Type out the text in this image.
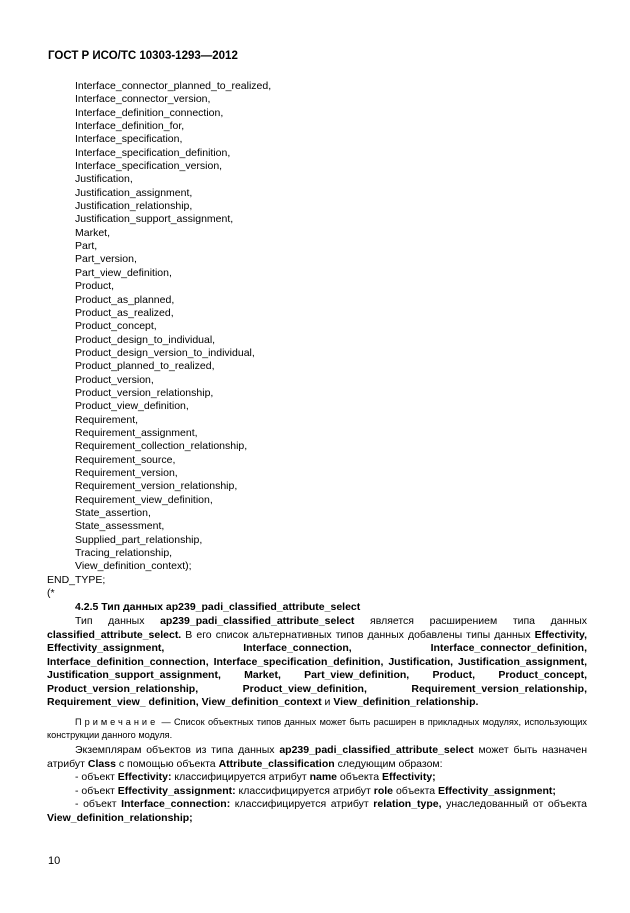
ГОСТ Р ИСО/ТС 10303-1293—2012
Interface_connector_planned_to_realized,
Interface_connector_version,
Interface_definition_connection,
Interface_definition_for,
Interface_specification,
Interface_specification_definition,
Interface_specification_version,
Justification,
Justification_assignment,
Justification_relationship,
Justification_support_assignment,
Market,
Part,
Part_version,
Part_view_definition,
Product,
Product_as_planned,
Product_as_realized,
Product_concept,
Product_design_to_individual,
Product_design_version_to_individual,
Product_planned_to_realized,
Product_version,
Product_version_relationship,
Product_view_definition,
Requirement,
Requirement_assignment,
Requirement_collection_relationship,
Requirement_source,
Requirement_version,
Requirement_version_relationship,
Requirement_view_definition,
State_assertion,
State_assessment,
Supplied_part_relationship,
Tracing_relationship,
View_definition_context);
END_TYPE;
(*
4.2.5 Тип данных ap239_padi_classified_attribute_select
Тип данных ap239_padi_classified_attribute_select является расширением типа данных classified_attribute_select. В его список альтернативных типов данных добавлены типы данных Effectivity, Effectivity_assignment, Interface_connection, Interface_connector_definition, Interface_definition_connection, Interface_specification_definition, Justification, Justification_assignment, Justification_support_assignment, Market, Part_view_definition, Product, Product_concept, Product_version_relationship, Product_view_definition, Requirement_version_relationship, Requirement_view_ definition, View_definition_context и View_definition_relationship.
Примечание — Список объектных типов данных может быть расширен в прикладных модулях, использующих конструкции данного модуля.
Экземплярам объектов из типа данных ap239_padi_classified_attribute_select может быть назначен атрибут Class с помощью объекта Attribute_classification следующим образом:
- объект Effectivity: классифицируется атрибут name объекта Effectivity;
- объект Effectivity_assignment: классифицируется атрибут role объекта Effectivity_assignment;
- объект Interface_connection: классифицируется атрибут relation_type, унаследованный от объекта View_definition_relationship;
10
